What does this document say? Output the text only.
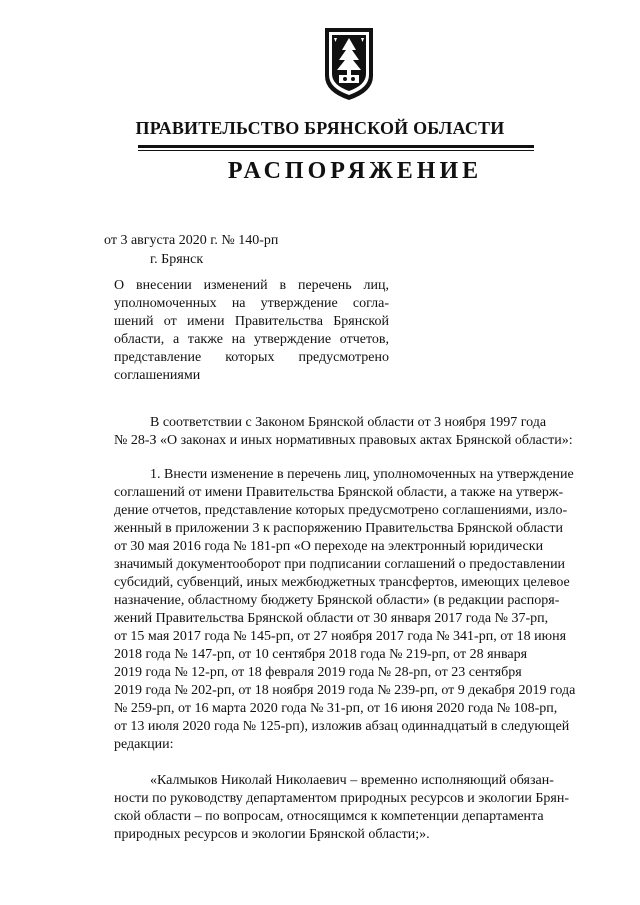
ПРАВИТЕЛЬСТВО БРЯНСКОЙ ОБЛАСТИ
РАСПОРЯЖЕНИЕ
от 3 августа 2020 г. № 140-рп
г. Брянск
О внесении изменений в перечень лиц,
уполномоченных на утверждение согла-
шений от имени Правительства Брянской
области, а также на утверждение отчетов,
представление которых предусмотрено
соглашениями
В соответствии с Законом Брянской области от 3 ноября 1997 года
№ 28-З «О законах и иных нормативных правовых актах Брянской области»:
1. Внести изменение в перечень лиц, уполномоченных на утверждение
соглашений от имени Правительства Брянской области, а также на утверж-
дение отчетов, представление которых предусмотрено соглашениями, изло-
женный в приложении 3 к распоряжению Правительства Брянской области
от 30 мая 2016 года № 181-рп «О переходе на электронный юридически
значимый документооборот при подписании соглашений о предоставлении
субсидий, субвенций, иных межбюджетных трансфертов, имеющих целевое
назначение, областному бюджету Брянской области» (в редакции распоря-
жений Правительства Брянской области от 30 января 2017 года № 37-рп,
от 15 мая 2017 года № 145-рп, от 27 ноября 2017 года № 341-рп, от 18 июня
2018 года № 147-рп, от 10 сентября 2018 года № 219-рп, от 28 января
2019 года № 12-рп, от 18 февраля 2019 года № 28-рп, от 23 сентября
2019 года № 202-рп, от 18 ноября 2019 года № 239-рп, от 9 декабря 2019 года
№ 259-рп, от 16 марта 2020 года № 31-рп, от 16 июня 2020 года № 108-рп,
от 13 июля 2020 года № 125-рп), изложив абзац одиннадцатый в следующей
редакции:
«Калмыков Николай Николаевич – временно исполняющий обязан-
ности по руководству департаментом природных ресурсов и экологии Брян-
ской области – по вопросам, относящимся к компетенции департамента
природных ресурсов и экологии Брянской области;».
